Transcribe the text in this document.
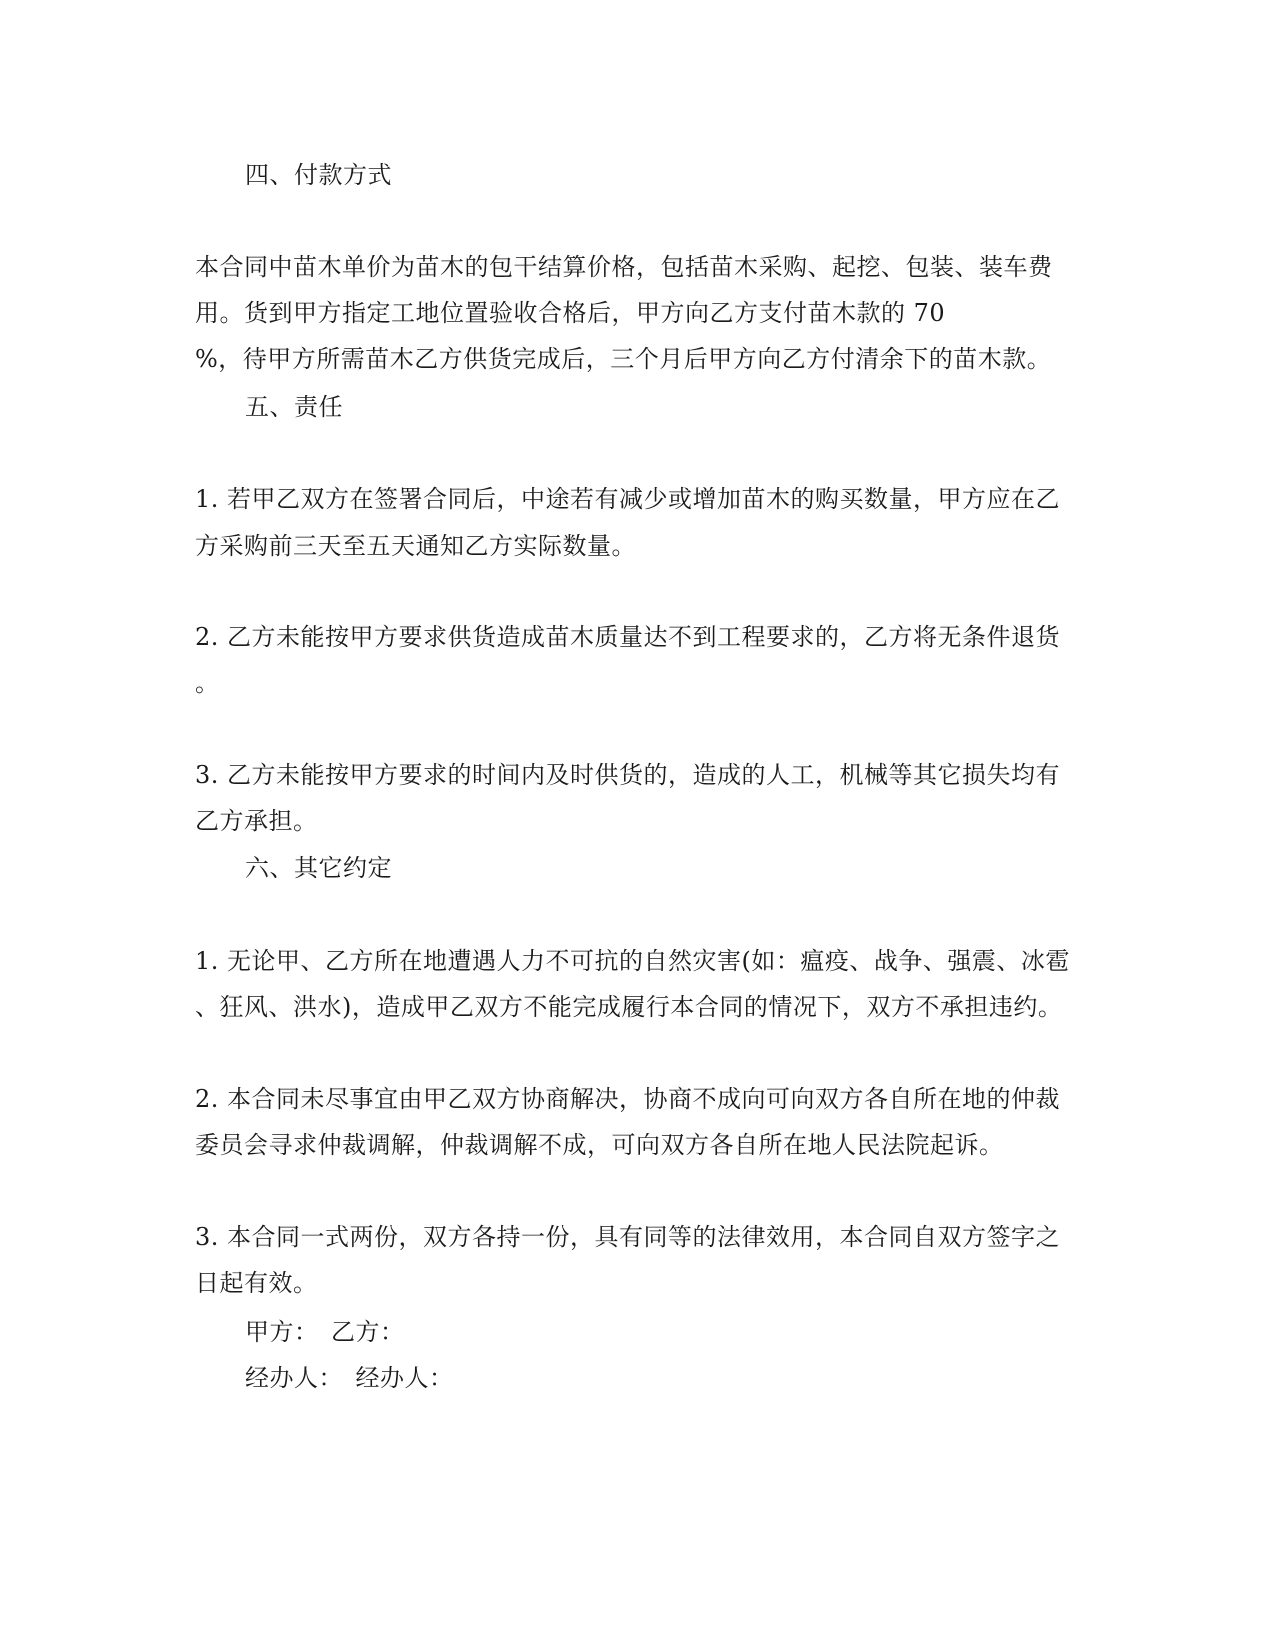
四、付款方式
本合同中苗木单价为苗木的包干结算价格，包括苗木采购、起挖、包装、装车费
用。货到甲方指定工地位置验收合格后，甲方向乙方支付苗木款的 70
%，待甲方所需苗木乙方供货完成后，三个月后甲方向乙方付清余下的苗木款。
五、责任
1. 若甲乙双方在签署合同后，中途若有减少或增加苗木的购买数量，甲方应在乙
方采购前三天至五天通知乙方实际数量。
2. 乙方未能按甲方要求供货造成苗木质量达不到工程要求的，乙方将无条件退货
。
3. 乙方未能按甲方要求的时间内及时供货的，造成的人工，机械等其它损失均有
乙方承担。
六、其它约定
1. 无论甲、乙方所在地遭遇人力不可抗的自然灾害(如：瘟疫、战争、强震、冰雹
、狂风、洪水)，造成甲乙双方不能完成履行本合同的情况下，双方不承担违约。
2. 本合同未尽事宜由甲乙双方协商解决，协商不成向可向双方各自所在地的仲裁
委员会寻求仲裁调解，仲裁调解不成，可向双方各自所在地人民法院起诉。
3. 本合同一式两份，双方各持一份，具有同等的法律效用，本合同自双方签字之
日起有效。
甲方：　乙方：
经办人：　经办人：
